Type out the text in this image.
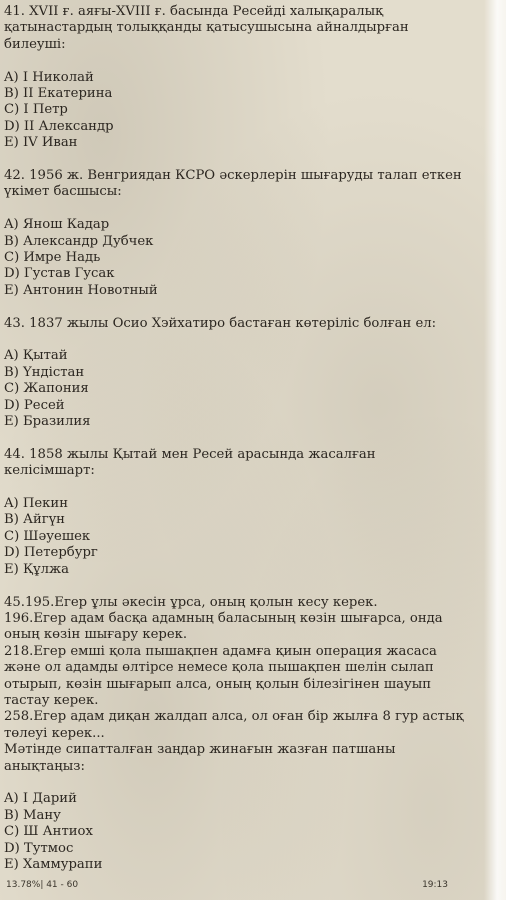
41. XVII ғ. аяғы-XVIII ғ. басында Ресейді халықаралық
қатынастардың толыққанды қатысушысына айналдырған
билеуші:
A) I Николай
B) II Екатерина
C) I Петр
D) II Александр
E) IV Иван
42. 1956 ж. Венгриядан КСРО әскерлерін шығаруды талап еткен
үкімет басшысы:
A) Янош Кадар
B) Александр Дубчек
C) Имре Надь
D) Густав Гусак
E) Антонин Новотный
43. 1837 жылы Осио Хэйхатиро бастаған көтеріліс болған ел:
A) Қытай
B) Үндістан
C) Жапония
D) Ресей
E) Бразилия
44. 1858 жылы Қытай мен Ресей арасында жасалған
келісімшарт:
A) Пекин
B) Айгүн
C) Шәуешек
D) Петербург
E) Құлжа
45.195.Егер ұлы әкесін ұрса, оның қолын кесу керек.
196.Егер адам басқа адамның баласының көзін шығарса, онда
оның көзін шығару керек.
218.Егер емші қола пышақпен адамға қиын операция жасаса
және ол адамды өлтірсе немесе қола пышақпен шелін сылап
отырып, көзін шығарып алса, оның қолын білезігінен шауып
тастау керек.
258.Егер адам диқан жалдап алса, ол оған бір жылға 8 гур астық
төлеуі керек...
Мәтінде сипатталған заңдар жинағын жазған патшаны
анықтаңыз:
A) I Дарий
B) Ману
C) Ш Антиох
D) Тутмос
E) Хаммурапи
13.78%| 41 - 60	19:13
